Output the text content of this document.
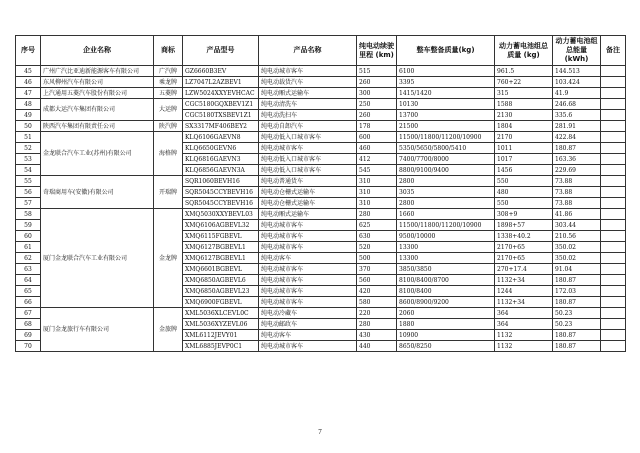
序号	企业名称	商标	产品型号	产品名称	纯电动续驶里程 (km)	整车整备质量(kg)	动力蓄电池组总质量 (kg)	动力蓄电池组总能量 (kWh)	备注
45	广州广汽比亚迪新能源客车有限公司	广汽牌	GZ6660B3EV	纯电动城市客车	515	6100	961.5	144.513	
46	东风柳州汽车有限公司	乘龙牌	LZ7047L2AZBEV1	纯电动载货汽车	260	3395	760+22	103.424	
47	上汽通用五菱汽车股份有限公司	五菱牌	LZW5024XXYEVHCAC	纯电动厢式运输车	300	1415/1420	315	41.9	
48	成都大运汽车集团有限公司	大运牌	CGC5180GQXBEV1Z1	纯电动清洗车	250	10130	1588	246.68	
49			CGC5180TXSBEV1Z1	纯电动洗扫车	260	13700	2130	335.6	
50	陕西汽车集团有限责任公司	陕汽牌	SX3317MF406BEY2	纯电动自卸汽车	178	21500	1804	281.91	
51	金龙联合汽车工业(苏州)有限公司	海格牌	KLQ6106GAEVN8	纯电动低入口城市客车	600	11500/11800/11200/10900	2170	422.84	
52			KLQ6650GEVN6	纯电动城市客车	460	5350/5650/5800/5410	1011	180.87	
53			KLQ6816GAEVN3	纯电动低入口城市客车	412	7400/7700/8000	1017	163.36	
54			KLQ6856GAEVN3A	纯电动低入口城市客车	545	8800/9100/9400	1456	229.69	
55	奇瑞商用车(安徽)有限公司	开瑞牌	SQR1060BEVH16	纯电动普通货车	310	2800	550	73.88	
56			SQR5045CCYBEVH16	纯电动仓栅式运输车	310	3035	480	73.88	
57			SQR5045CCYBEVH16	纯电动仓栅式运输车	310	2800	550	73.88	
58	厦门金龙联合汽车工业有限公司	金龙牌	XMQ5030XXYBEVL03	纯电动厢式运输车	280	1660	308+9	41.86	
59			XMQ6106AGBEVL32	纯电动城市客车	625	11500/11800/11200/10900	1898+57	303.44	
60			XMQ6115FGBEVL	纯电动城市客车	630	9500/10000	1338+40.2	210.56	
61			XMQ6127BGBEVL1	纯电动城市客车	520	13300	2170+65	350.02	
62			XMQ6127BGBEVL1	纯电动客车	500	13300	2170+65	350.02	
63			XMQ6601BGBEVL	纯电动城市客车	370	3850/3850	270+17.4	91.04	
64			XMQ6850AGBEVL6	纯电动城市客车	560	8100/8400/8700	1132+34	180.87	
65			XMQ6850AGBEVL23	纯电动城市客车	420	8100/8400	1244	172.03	
66			XMQ6900FGBEVL	纯电动城市客车	580	8600/8900/9200	1132+34	180.87	
67	厦门金龙旅行车有限公司	金旅牌	XML5036XLCEVL0C	纯电动冷藏车	220	2060	364	50.23	
68			XML5036XYZEVL06	纯电动邮政车	280	1880	364	50.23	
69			XML6112JEVY01	纯电动客车	430	10900	1132	180.87	
70			XML6885JEVP0C1	纯电动城市客车	440	8650/8250	1132	180.87	
7
